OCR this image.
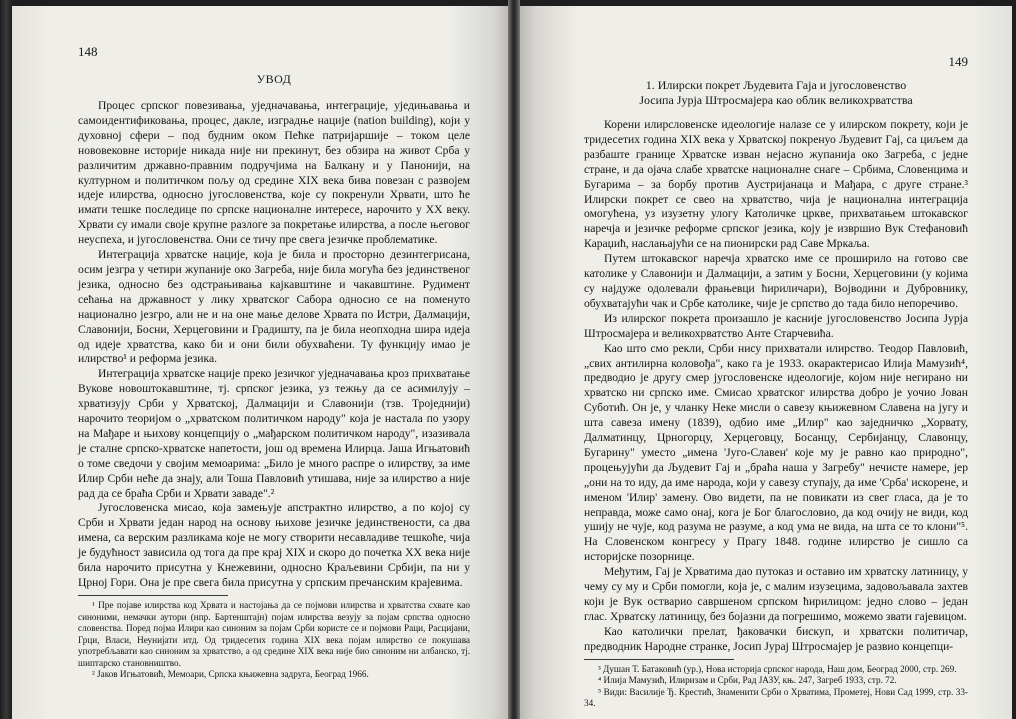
148
УВОД

Процес српског повезивања, уједначавања, интеграције, уједињавања и самоидентификовања, процес, дакле, изградње нације (nation building), који у духовној сфери – под будним оком Пећке патријаршије – током целе нововековне историје никада није ни прекинут, без обзира на живот Срба у различитим државно-правним подручјима на Балкану и у Панонији, на културном и политичком пољу од средине XIX века бива повезан с развојем идеје илирства, односно југословенства, које су покренули Хрвати, што ће имати тешке последице по српске националне интересе, нарочито у XX веку. Хрвати су имали своје крупне разлоге за покретање илирства, а после његовог неуспеха, и југословенства. Они се тичу пре свега језичке проблематике.

Интеграција хрватске нације, која је била и просторно дезинтегрисана, осим језгра у четири жупаније око Загреба, није била могућа без јединственог језика, односно без одстрањивања кајкавштине и чакавштине. Рудимент сећања на државност у лику хрватског Сабора односио се на поменуто национално језгро, али не и на оне мање делове Хрвата по Истри, Далмацији, Славонији, Босни, Херцеговини и Градишту, па је била неопходна шира идеја од идеје хрватства, како би и они били обухваћени. Ту функцију имао је илирство¹ и реформа језика.

Интеграција хрватске нације преко језичког уједначавања кроз прихватање Вукове новоштокавштине, тј. српског језика, уз тежњу да се асимилују – хрватизују Срби у Хрватској, Далмацији и Славонији (тзв. Троједнији) нарочито теоријом о „хрватском политичком народу" која је настала по узору на Мађаре и њихову концепцију о „мађарском политичком народу", изазивала је сталне српско-хрватске напетости, још од времена Илирца. Јаша Игњатовић о томе сведочи у својим мемоарима: „Било је много распре о илирству, за име Илир Срби неће да знају, али Тоша Павловић утишава, није за илирство а није рад да се браћа Срби и Хрвати заваде".²

Југословенска мисао, која замењује апстрактно илирство, а по којој су Срби и Хрвати један народ на основу њихове језичке јединствености, са два имена, са верским разликама које не могу створити несавладиве тешкоће, чија је будућност зависила од тога да пре крај XIX и скоро до почетка XX века није била нарочито присутна у Кнежевини, односно Краљевини Србији, па ни у Црној Гори. Она је пре свега била присутна у српским пречанским крајевима.

¹ Пре појаве илирства код Хрвата и настојања да се појмови илирства и хрватства схвате као синоними, немачки аутори (нпр. Бартенштајн) појам илирства везују за појам српства односно словенства. Поред појма Илири као синоним за појам Срби користе се и појмови Раци, Расцијани, Грци, Власи, Неунијати итд. Од тридесетих година XIX века појам илирство се покушава употребљавати као синоним за хрватство, а од средине XIX века није био синоним ни албанско, тј. шиптарско становништво.

² Јаков Игњатовић, Мемоари, Српска књижевна задруга, Београд 1966.

149
1. Илирски покрет Људевита Гаја и југословенство
Јосипа Јурја Штросмајера као облик великохрватства

Корени илирсловенске идеологије налазе се у илирском покрету, који је тридесетих година XIX века у Хрватској покренуо Људевит Гај, са циљем да разбаште границе Хрватске изван нејасно жупанија око Загреба, с једне стране, и да ојача слабе хрватске националне снаге – Србима, Словенцима и Бугарима – за борбу против Аустријанаца и Мађара, с друге стране.³ Илирски покрет се свео на хрватство, чија је национална интеграција омогућена, уз изузетну улогу Католичке цркве, прихватањем штокавског наречја и језичке реформе српског језика, коју је извршио Вук Стефановић Караџић, наслањајући се на пионирски рад Саве Мркаља.

Путем штокавског наречја хрватско име се проширило на готово све католике у Славонији и Далмацији, а затим у Босни, Херцеговини (у којима су најдуже одолевали фрањевци ћириличари), Војводини и Дубровнику, обухватајући чак и Србе католике, чије је српство до тада било непоречиво.

Из илирског покрета произашло је касније југословенство Јосипа Јурја Штросмајера и великохрватство Анте Старчевића.

Као што смо рекли, Срби нису прихватали илирство. Теодор Павловић, „свих антилирна коловођа", како га је 1933. окарактерисао Илија Мамузић⁴, предводио је другу смер југословенске идеологије, којом није негирано ни хрватско ни српско име. Смисао хрватског илирства добро је уочио Јован Суботић. Он је, у чланку Неке мисли о савезу књижевном Славена на југу и шта савеза имену (1839), одбио име „Илир" као заједничко „Хорвату, Далматинцу, Црногорцу, Херцеговцу, Босанцу, Сербијанцу, Славонцу, Бугарину" уместо „имена 'Југо-Славен' које му је равно као природно", процењујући да Људевит Гај и „браћа наша у Загребу" нечисте намере, јер „они на то иду, да име народа, који у савезу ступају, да име 'Срба' искорене, и именом 'Илир' замену. Ово видети, па не повикати из свег гласа, да је то неправда, може само онај, кога је Бог благословио, да код очију не види, код ушију не чује, код разума не разуме, а код ума не вида, на шта се то клони"⁵. На Словенском конгресу у Прагу 1848. године илирство је сишло са историјске позорнице.

Међутим, Гај је Хрватима дао путоказ и оставио им хрватску латиницу, у чему су му и Срби помогли, која је, с малим изузецима, задовољавала захтев који је Вук остварио савршеном српском ћирилицом: једно слово – један глас. Хрватску латиницу, без бојазни да погрешимо, можемо звати гајевицом.

Као католички прелат, ђаковачки бискуп, и хрватски политичар, предводник Народне странке, Јосип Јурај Штросмајер је развио концепци-

³ Душан Т. Батаковић (ур.), Нова историја српског народа, Наш дом, Београд 2000, стр. 269.

⁴ Илија Мамузић, Илиризам и Срби, Рад ЈАЗУ, књ. 247, Загреб 1933, стр. 72.

⁵ Види: Василије Ђ. Крестић, Знаменити Срби о Хрватима, Прометеј, Нови Сад 1999, стр. 33-34.
